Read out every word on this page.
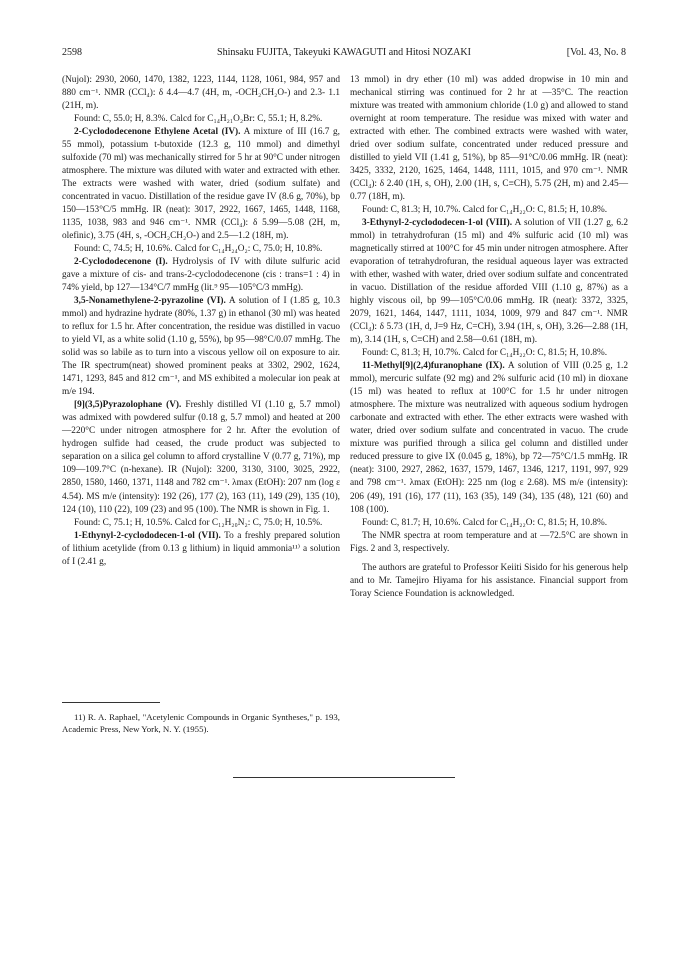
2598	Shinsaku FUJITA, Takeyuki KAWAGUTI and Hitosi NOZAKI	[Vol. 43, No. 8

(Nujol): 2930, 2060, 1470, 1382, 1223, 1144, 1128, 1061, 984, 957 and 880 cm⁻¹. NMR (CCl₄): δ 4.4—4.7 (4H, m, -OCH₂CH₂O-) and 2.3- 1.1 (21H, m).

Found: C, 55.0; H, 8.3%. Calcd for C₁₄H₂₁O₂Br: C, 55.1; H, 8.2%.

2-Cyclododecenone Ethylene Acetal (IV). A mixture of III (16.7 g, 55 mmol), potassium t-butoxide (12.3 g, 110 mmol) and dimethyl sulfoxide (70 ml) was mechanically stirred for 5 hr at 90°C under nitrogen atmosphere. The mixture was diluted with water and extracted with ether. The extracts were washed with water, dried (sodium sulfate) and concentrated in vacuo. Distillation of the residue gave IV (8.6 g, 70%), bp 150—153°C/5 mmHg. IR (neat): 3017, 2922, 1667, 1465, 1448, 1168, 1135, 1038, 983 and 946 cm⁻¹. NMR (CCl₄): δ 5.99—5.08 (2H, m, olefinic), 3.75 (4H, s, -OCH₂CH₂O-) and 2.5—1.2 (18H, m).

Found: C, 74.5; H, 10.6%. Calcd for C₁₄H₂₄O₂: C, 75.0; H, 10.8%.

2-Cyclododecenone (I). Hydrolysis of IV with dilute sulfuric acid gave a mixture of cis- and trans-2-cyclododecenone (cis : trans=1 : 4) in 74% yield, bp 127—134°C/7 mmHg (lit.⁹ 95—105°C/3 mmHg).

3,5-Nonamethylene-2-pyrazoline (VI). A solution of I (1.85 g, 10.3 mmol) and hydrazine hydrate (80%, 1.37 g) in ethanol (30 ml) was heated to reflux for 1.5 hr. After concentration, the residue was distilled in vacuo to yield VI, as a white solid (1.10 g, 55%), bp 95—98°C/0.07 mmHg. The solid was so labile as to turn into a viscous yellow oil on exposure to air. The IR spectrum(neat) showed prominent peaks at 3302, 2902, 1624, 1471, 1293, 845 and 812 cm⁻¹, and MS exhibited a molecular ion peak at m/e 194.

[9](3,5)Pyrazolophane (V). Freshly distilled VI (1.10 g, 5.7 mmol) was admixed with powdered sulfur (0.18 g, 5.7 mmol) and heated at 200—220°C under nitrogen atmosphere for 2 hr. After the evolution of hydrogen sulfide had ceased, the crude product was subjected to separation on a silica gel column to afford crystalline V (0.77 g, 71%), mp 109—109.7°C (n-hexane). IR (Nujol): 3200, 3130, 3100, 3025, 2922, 2850, 1580, 1460, 1371, 1148 and 782 cm⁻¹. λmax (EtOH): 207 nm (log ε 4.54). MS m/e (intensity): 192 (26), 177 (2), 163 (11), 149 (29), 135 (10), 124 (10), 110 (22), 109 (23) and 95 (100). The NMR is shown in Fig. 1.

Found: C, 75.1; H, 10.5%. Calcd for C₁₂H₂₀N₂: C, 75.0; H, 10.5%.

1-Ethynyl-2-cyclododecen-1-ol (VII). To a freshly prepared solution of lithium acetylide (from 0.13 g lithium) in liquid ammonia¹¹⁾ a solution of I (2.41 g,

13 mmol) in dry ether (10 ml) was added dropwise in 10 min and mechanical stirring was continued for 2 hr at —35°C. The reaction mixture was treated with ammonium chloride (1.0 g) and allowed to stand overnight at room temperature. The residue was mixed with water and extracted with ether. The combined extracts were washed with water, dried over sodium sulfate, concentrated under reduced pressure and distilled to yield VII (1.41 g, 51%), bp 85—91°C/0.06 mmHg. IR (neat): 3425, 3332, 2120, 1625, 1464, 1448, 1111, 1015, and 970 cm⁻¹. NMR (CCl₄): δ 2.40 (1H, s, OH), 2.00 (1H, s, C≡CH), 5.75 (2H, m) and 2.45—0.77 (18H, m).

Found: C, 81.3; H, 10.7%. Calcd for C₁₄H₂₂O: C, 81.5; H, 10.8%.

3-Ethynyl-2-cyclododecen-1-ol (VIII). A solution of VII (1.27 g, 6.2 mmol) in tetrahydrofuran (15 ml) and 4% sulfuric acid (10 ml) was magnetically stirred at 100°C for 45 min under nitrogen atmosphere. After evaporation of tetrahydrofuran, the residual aqueous layer was extracted with ether, washed with water, dried over sodium sulfate and concentrated in vacuo. Distillation of the residue afforded VIII (1.10 g, 87%) as a highly viscous oil, bp 99—105°C/0.06 mmHg. IR (neat): 3372, 3325, 2079, 1621, 1464, 1447, 1111, 1034, 1009, 979 and 847 cm⁻¹. NMR (CCl₄): δ 5.73 (1H, d, J=9 Hz, C=CH), 3.94 (1H, s, OH), 3.26—2.88 (1H, m), 3.14 (1H, s, C≡CH) and 2.58—0.61 (18H, m).

Found: C, 81.3; H, 10.7%. Calcd for C₁₄H₂₂O: C, 81.5; H, 10.8%.

11-Methyl[9](2,4)furanophane (IX). A solution of VIII (0.25 g, 1.2 mmol), mercuric sulfate (92 mg) and 2% sulfuric acid (10 ml) in dioxane (15 ml) was heated to reflux at 100°C for 1.5 hr under nitrogen atmosphere. The mixture was neutralized with aqueous sodium hydrogen carbonate and extracted with ether. The ether extracts were washed with water, dried over sodium sulfate and concentrated in vacuo. The crude mixture was purified through a silica gel column and distilled under reduced pressure to give IX (0.045 g, 18%), bp 72—75°C/1.5 mmHg. IR (neat): 3100, 2927, 2862, 1637, 1579, 1467, 1346, 1217, 1191, 997, 929 and 798 cm⁻¹. λmax (EtOH): 225 nm (log ε 2.68). MS m/e (intensity): 206 (49), 191 (16), 177 (11), 163 (35), 149 (34), 135 (48), 121 (60) and 108 (100).

Found: C, 81.7; H, 10.6%. Calcd for C₁₄H₂₂O: C, 81.5; H, 10.8%.

The NMR spectra at room temperature and at —72.5°C are shown in Figs. 2 and 3, respectively.

The authors are grateful to Professor Keiiti Sisido for his generous help and to Mr. Tamejiro Hiyama for his assistance. Financial support from Toray Science Foundation is acknowledged.

11) R. A. Raphael, "Acetylenic Compounds in Organic Syntheses," p. 193, Academic Press, New York, N. Y. (1955).
